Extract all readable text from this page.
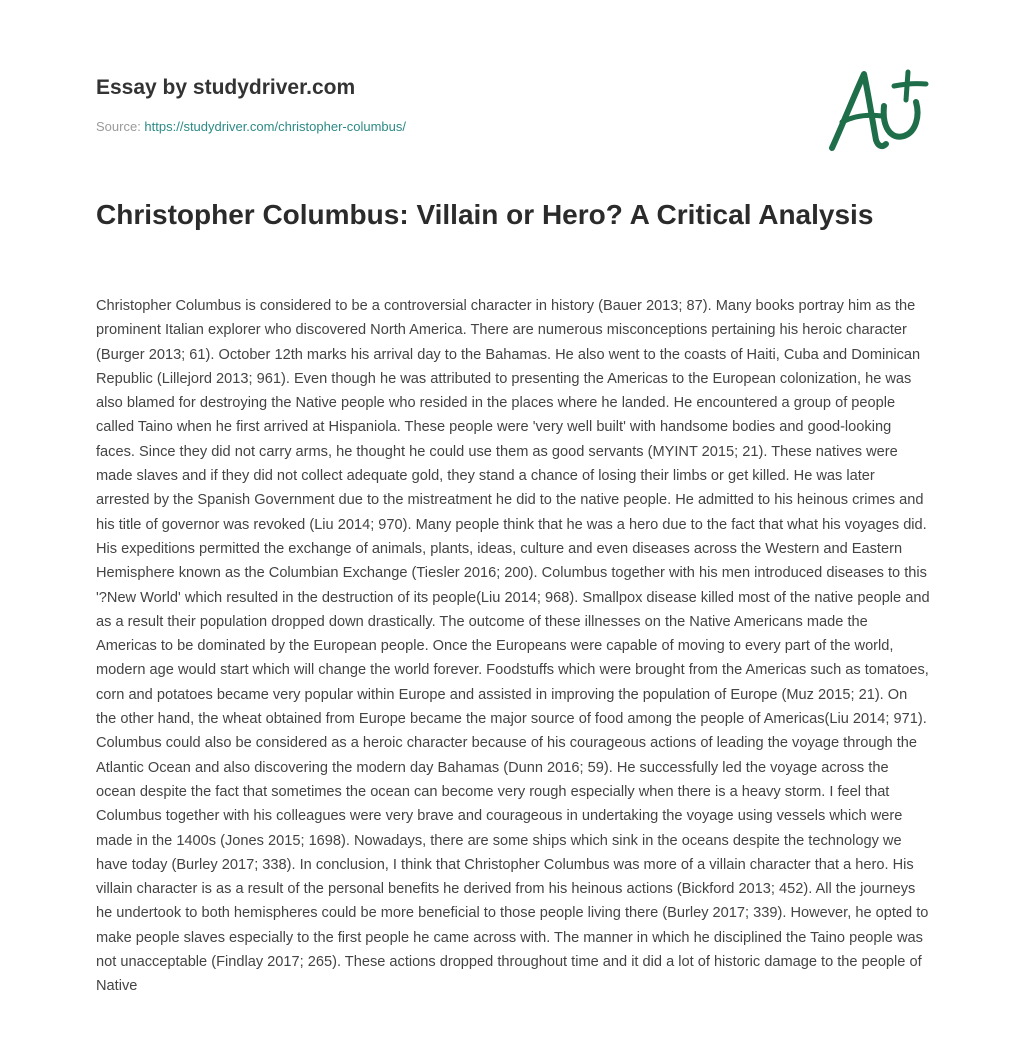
Essay by studydriver.com
Source: https://studydriver.com/christopher-columbus/
Christopher Columbus: Villain or Hero? A Critical Analysis

Christopher Columbus is considered to be a controversial character in history (Bauer 2013; 87). Many books portray him as the prominent Italian explorer who discovered North America. There are numerous misconceptions pertaining his heroic character (Burger 2013; 61). October 12th marks his arrival day to the Bahamas. He also went to the coasts of Haiti, Cuba and Dominican Republic (Lillejord 2013; 961). Even though he was attributed to presenting the Americas to the European colonization, he was also blamed for destroying the Native people who resided in the places where he landed. He encountered a group of people called Taino when he first arrived at Hispaniola. These people were 'very well built' with handsome bodies and good-looking faces. Since they did not carry arms, he thought he could use them as good servants (MYINT 2015; 21). These natives were made slaves and if they did not collect adequate gold, they stand a chance of losing their limbs or get killed. He was later arrested by the Spanish Government due to the mistreatment he did to the native people. He admitted to his heinous crimes and his title of governor was revoked (Liu 2014; 970). Many people think that he was a hero due to the fact that what his voyages did. His expeditions permitted the exchange of animals, plants, ideas, culture and even diseases across the Western and Eastern Hemisphere known as the Columbian Exchange (Tiesler 2016; 200). Columbus together with his men introduced diseases to this '?New World' which resulted in the destruction of its people(Liu 2014; 968). Smallpox disease killed most of the native people and as a result their population dropped down drastically. The outcome of these illnesses on the Native Americans made the Americas to be dominated by the European people. Once the Europeans were capable of moving to every part of the world, modern age would start which will change the world forever. Foodstuffs which were brought from the Americas such as tomatoes, corn and potatoes became very popular within Europe and assisted in improving the population of Europe (Muz 2015; 21). On the other hand, the wheat obtained from Europe became the major source of food among the people of Americas(Liu 2014; 971). Columbus could also be considered as a heroic character because of his courageous actions of leading the voyage through the Atlantic Ocean and also discovering the modern day Bahamas (Dunn 2016; 59). He successfully led the voyage across the ocean despite the fact that sometimes the ocean can become very rough especially when there is a heavy storm. I feel that Columbus together with his colleagues were very brave and courageous in undertaking the voyage using vessels which were made in the 1400s (Jones 2015; 1698). Nowadays, there are some ships which sink in the oceans despite the technology we have today (Burley 2017; 338). In conclusion, I think that Christopher Columbus was more of a villain character that a hero. His villain character is as a result of the personal benefits he derived from his heinous actions (Bickford 2013; 452). All the journeys he undertook to both hemispheres could be more beneficial to those people living there (Burley 2017; 339). However, he opted to make people slaves especially to the first people he came across with. The manner in which he disciplined the Taino people was not unacceptable (Findlay 2017; 265). These actions dropped throughout time and it did a lot of historic damage to the people of Native
